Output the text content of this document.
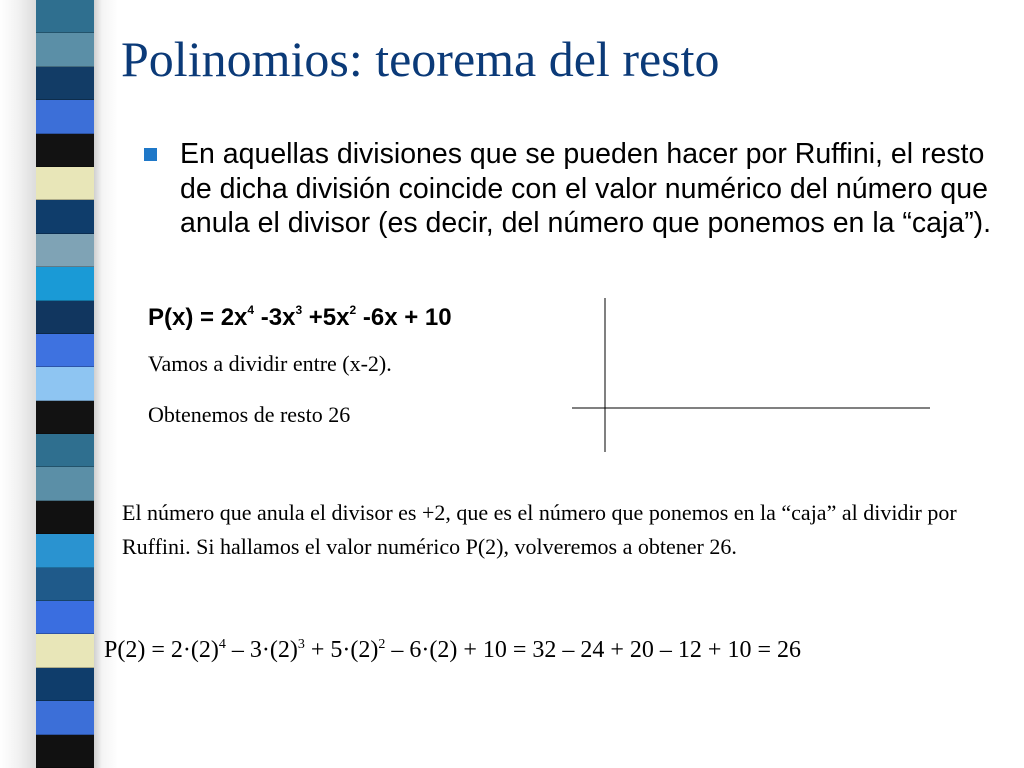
Polinomios: teorema del resto
En aquellas divisiones que se pueden hacer por Ruffini, el resto de dicha división coincide con el valor numérico del número que anula el divisor (es decir, del número que ponemos en la “caja”).
$P(x) = 2x^4$ $-3x^3 +5x^2$ -6x + 10
Vamos a dividir entre (x-2).
Obtenemos de resto 26
El número que anula el divisor es +2, que es el número que ponemos en la “caja” al dividir por Ruffini. Si hallamos el valor numérico P(2), volveremos a obtener 26.
$P(2) = 2\cdot(2)^4 - 3\cdot(2)^3 + 5\cdot(2)^2 - 6\cdot(2) + 10 = 32 - 24 + 20 - 12 + 10 = 26$
